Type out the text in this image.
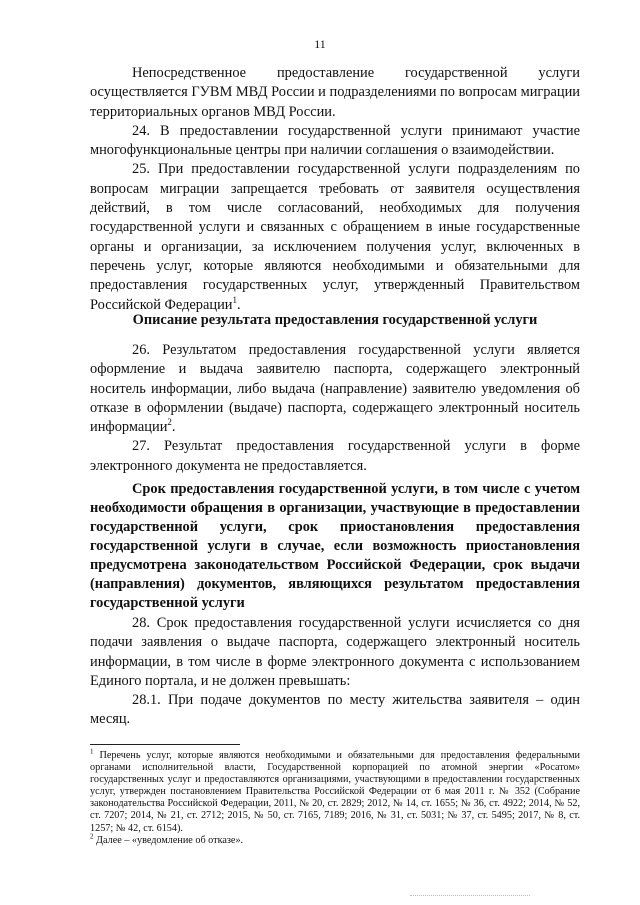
11

Непосредственное предоставление государственной услуги осуществляется ГУВМ МВД России и подразделениями по вопросам миграции территориальных органов МВД России.

24. В предоставлении государственной услуги принимают участие многофункциональные центры при наличии соглашения о взаимодействии.

25. При предоставлении государственной услуги подразделениям по вопросам миграции запрещается требовать от заявителя осуществления действий, в том числе согласований, необходимых для получения государственной услуги и связанных с обращением в иные государственные органы и организации, за исключением получения услуг, включенных в перечень услуг, которые являются необходимыми и обязательными для предоставления государственных услуг, утвержденный Правительством Российской Федерации$^1$.

Описание результата предоставления государственной услуги

26. Результатом предоставления государственной услуги является оформление и выдача заявителю паспорта, содержащего электронный носитель информации, либо выдача (направление) заявителю уведомления об отказе в оформлении (выдаче) паспорта, содержащего электронный носитель информации$^2$.

27. Результат предоставления государственной услуги в форме электронного документа не предоставляется.

Срок предоставления государственной услуги, в том числе с учетом необходимости обращения в организации, участвующие в предоставлении государственной услуги, срок приостановления предоставления государственной услуги в случае, если возможность приостановления предусмотрена законодательством Российской Федерации, срок выдачи (направления) документов, являющихся результатом предоставления государственной услуги

28. Срок предоставления государственной услуги исчисляется со дня подачи заявления о выдаче паспорта, содержащего электронный носитель информации, в том числе в форме электронного документа с использованием Единого портала, и не должен превышать:

28.1. При подаче документов по месту жительства заявителя – один месяц.

$^1$ Перечень услуг, которые являются необходимыми и обязательными для предоставления федеральными органами исполнительной власти, Государственной корпорацией по атомной энергии «Росатом» государственных услуг и предоставляются организациями, участвующими в предоставлении государственных услуг, утвержден постановлением Правительства Российской Федерации от 6 мая 2011 г. № 352 (Собрание законодательства Российской Федерации, 2011, № 20, ст. 2829; 2012, № 14, ст. 1655; № 36, ст. 4922; 2014, № 52, ст. 7207; 2014, № 21, ст. 2712; 2015, № 50, ст. 7165, 7189; 2016, № 31, ст. 5031; № 37, ст. 5495; 2017, № 8, ст. 1257; № 42, ст. 6154).

$^2$ Далее – «уведомление об отказе».
